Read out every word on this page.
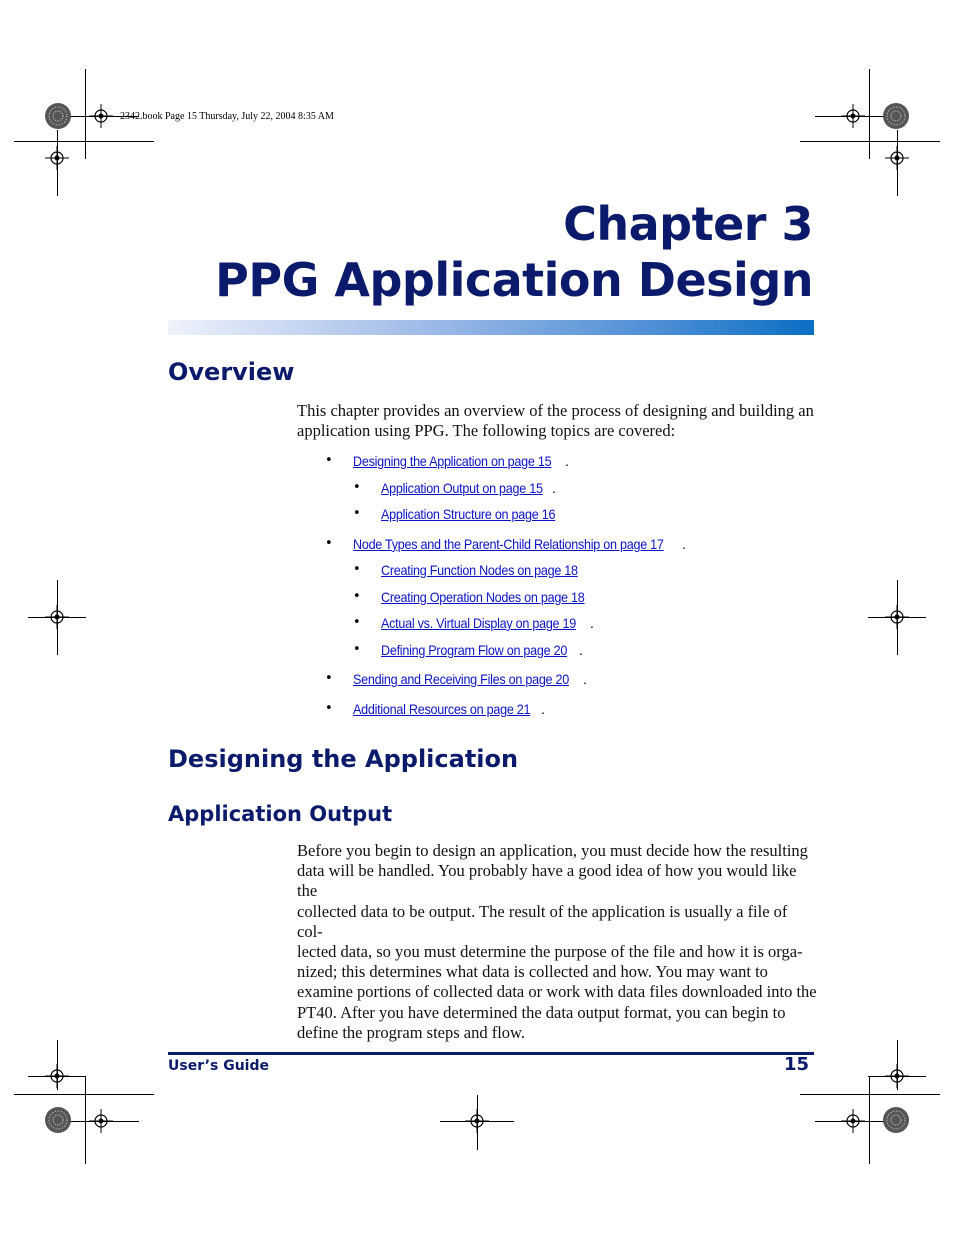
2342.book Page 15 Thursday, July 22, 2004 8:35 AM
Chapter 3
PPG Application Design
Overview

This chapter provides an overview of the process of designing and building an application using PPG. The following topics are covered:

• Designing the Application on page 15 .
• Application Output on page 15 .
• Application Structure on page 16
• Node Types and the Parent-Child Relationship on page 17 .
• Creating Function Nodes on page 18
• Creating Operation Nodes on page 18
• Actual vs. Virtual Display on page 19 .
• Defining Program Flow on page 20 .
• Sending and Receiving Files on page 20 .
• Additional Resources on page 21 .
Designing the Application
Application Output
Before you begin to design an application, you must decide how the resulting
data will be handled. You probably have a good idea of how you would like the
collected data to be output. The result of the application is usually a file of col-
lected data, so you must determine the purpose of the file and how it is orga-
nized; this determines what data is collected and how. You may want to
examine portions of collected data or work with data files downloaded into the
PT40. After you have determined the data output format, you can begin to
define the program steps and flow.
User’s Guide	15
